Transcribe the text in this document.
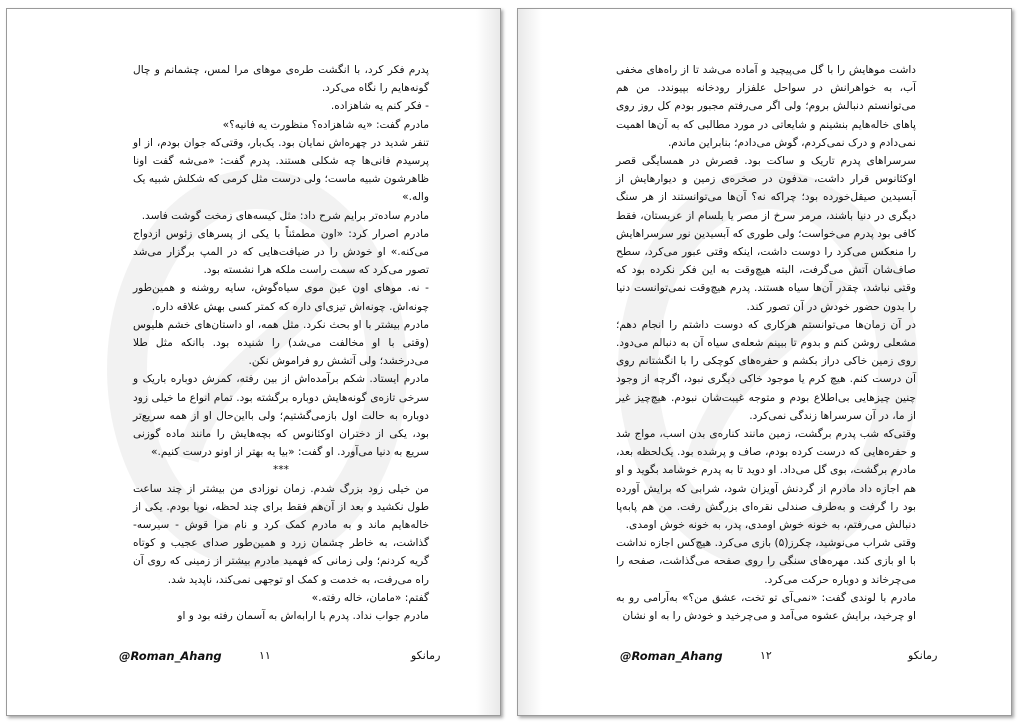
پدرم فکر کرد، با انگشت طره‌ی موهای مرا لمس، چشمانم و چال گونه‌هایم را نگاه می‌کرد.

- فکر کنم یه شاهزاده.

مادرم گفت: «یه شاهزاده؟ منظورت یه فانیه؟»

تنفر شدید در چهره‌اش نمایان بود. یک‌بار، وقتی‌که جوان بودم، از او پرسیدم فانی‌ها چه شکلی هستند. پدرم گفت: «می‌شه گفت اونا ظاهرشون شبیه ماست؛ ولی درست مثل کرمی که شکلش شبیه یک واله.»

مادرم ساده‌تر برایم شرح داد: مثل کیسه‌های زمخت گوشت فاسد.

مادرم اصرار کرد: «اون مطمئناً با یکی از پسرهای زئوس ازدواج می‌کنه.» او خودش را در ضیافت‌هایی که در المپ برگزار می‌شد تصور می‌کرد که سمت راست ملکه هرا نشسته بود.

- نه. موهای اون عین موی سیاه‌گوش، سایه روشنه و همین‌طور چونه‌اش. چونه‌اش تیزی‌ای داره که کمتر کسی بهش علاقه داره.

مادرم بیشتر با او بحث نکرد. مثل همه، او داستان‌های خشم هلیوس (وقتی با او مخالفت می‌شد) را شنیده بود. باانکه مثل طلا می‌درخشد؛ ولی آتشش رو فراموش نکن.

مادرم ایستاد. شکم برآمده‌اش از بین رفته، کمرش دوباره باریک و سرخی تازه‌ی گونه‌هایش دوباره برگشته بود. تمام انواع ما خیلی زود دوباره به حالت اول بازمی‌گشتیم؛ ولی بااین‌حال او از همه سریع‌تر بود، یکی از دختران اوکئانوس که بچه‌هایش را مانند ماده گوزنی سریع به دنیا می‌آورد. او گفت: «بیا یه بهتر از اونو درست کنیم.»

***

من خیلی زود بزرگ شدم. زمان نوزادی من بیشتر از چند ساعت طول نکشید و بعد از آن‌هم فقط برای چند لحظه، نوپا بودم. یکی از خاله‌هایم ماند و به مادرم کمک کرد و نام مرا قوش - سیرسه- گذاشت، به خاطر چشمان زرد و همین‌طور صدای عجیب و کوتاه گریه کردنم؛ ولی زمانی که فهمید مادرم بیشتر از زمینی که روی آن راه می‌رفت، به خدمت و کمک او توجهی نمی‌کند، ناپدید شد.

گفتم: «مامان، خاله رفته.»

مادرم جواب نداد. پدرم با ارابه‌اش به آسمان رفته بود و او

@Roman_Ahang	۱۱	رمانکو

داشت موهایش را با گل می‌پیچید و آماده می‌شد تا از راه‌های مخفی آب، به خواهرانش در سواحل علفزار رودخانه بپیوندد. من هم می‌توانستم دنبالش بروم؛ ولی اگر می‌رفتم مجبور بودم کل روز روی پاهای خاله‌هایم بنشینم و شایعاتی در مورد مطالبی که به آن‌ها اهمیت نمی‌دادم و درک نمی‌کردم، گوش می‌دادم؛ بنابراین ماندم.

سرسراهای پدرم تاریک و ساکت بود. قصرش در همسایگی قصر اوکئانوس قرار داشت، مدفون در صخره‌ی زمین و دیوارهایش از آبسیدین صیقل‌خورده بود؛ چراکه نه؟ آن‌ها می‌توانستند از هر سنگ دیگری در دنیا باشند، مرمر سرخ از مصر یا بلسام از عربستان، فقط کافی بود پدرم می‌خواست؛ ولی طوری که آبسیدین نور سرسراهایش را منعکس می‌کرد را دوست داشت، اینکه وقتی عبور می‌کرد، سطح صاف‌شان آتش می‌گرفت، البته هیچ‌وقت به این فکر نکرده بود که وقتی نباشد، چقدر آن‌ها سیاه هستند. پدرم هیچ‌وقت نمی‌توانست دنیا را بدون حضور خودش در آن تصور کند.

در آن زمان‌ها می‌توانستم هرکاری که دوست داشتم را انجام دهم؛ مشعلی روشن کنم و بدوم تا ببینم شعله‌ی سیاه آن به دنبالم می‌دود. روی زمین خاکی دراز بکشم و حفره‌های کوچکی را با انگشتانم روی آن درست کنم. هیچ کرم یا موجود خاکی دیگری نبود، اگرچه از وجود چنین چیزهایی بی‌اطلاع بودم و متوجه غیبت‌شان نبودم. هیچ‌چیز غیر از ما، در آن سرسراها زندگی نمی‌کرد.

وقتی‌که شب پدرم برگشت، زمین مانند کناره‌ی بدن اسب، مواج شد و حفره‌هایی که درست کرده بودم، صاف و پرشده بود. یک‌لحظه بعد، مادرم برگشت، بوی گل می‌داد. او دوید تا به پدرم خوشامد بگوید و او هم اجازه داد مادرم از گردنش آویزان شود، شرابی که برایش آورده بود را گرفت و به‌طرف صندلی نقره‌ای بزرگش رفت. من هم پابه‌پا دنبالش می‌رفتم، به خونه خوش اومدی، پدر، به خونه خوش اومدی.

وقتی شراب می‌نوشید، چکرز(۵) بازی می‌کرد. هیچ‌کس اجازه نداشت با او بازی کند. مهره‌های سنگی را روی صفحه می‌گذاشت، صفحه را می‌چرخاند و دوباره حرکت می‌کرد.

مادرم با لوندی گفت: «نمی‌آی تو تخت، عشق من؟» به‌آرامی رو به او چرخید، برایش عشوه می‌آمد و می‌چرخید و خودش را به او نشان

@Roman_Ahang	۱۲	رمانکو
